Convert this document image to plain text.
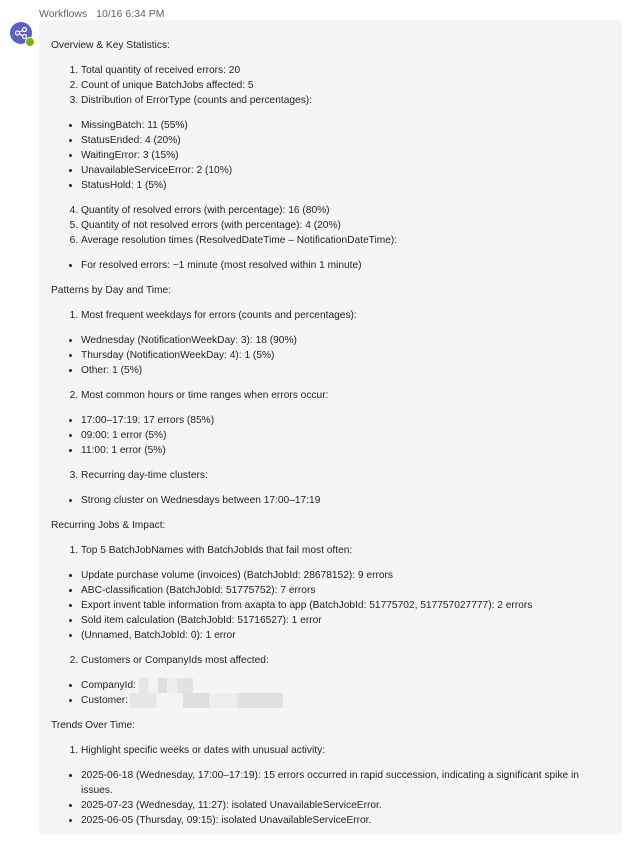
Workflows 10/16 6:34 PM
Overview & Key Statistics:
1. Total quantity of received errors: 20
2. Count of unique BatchJobs affected: 5
3. Distribution of ErrorType (counts and percentages):
• MissingBatch: 11 (55%)
• StatusEnded: 4 (20%)
• WaitingError: 3 (15%)
• UnavailableServiceError: 2 (10%)
• StatusHold: 1 (5%)
4. Quantity of resolved errors (with percentage): 16 (80%)
5. Quantity of not resolved errors (with percentage): 4 (20%)
6. Average resolution times (ResolvedDateTime – NotificationDateTime):
• For resolved errors: ~1 minute (most resolved within 1 minute)
Patterns by Day and Time:
1. Most frequent weekdays for errors (counts and percentages):
• Wednesday (NotificationWeekDay: 3): 18 (90%)
• Thursday (NotificationWeekDay: 4): 1 (5%)
• Other: 1 (5%)
2. Most common hours or time ranges when errors occur:
• 17:00–17:19: 17 errors (85%)
• 09:00: 1 error (5%)
• 11:00: 1 error (5%)
3. Recurring day-time clusters:
• Strong cluster on Wednesdays between 17:00–17:19
Recurring Jobs & Impact:
1. Top 5 BatchJobNames with BatchJobIds that fail most often:
• Update purchase volume (invoices) (BatchJobId: 28678152): 9 errors
• ABC-classification (BatchJobId: 51775752): 7 errors
• Export invent table information from axapta to app (BatchJobId: 51775702, 517757027777): 2 errors
• Sold item calculation (BatchJobId: 51716527): 1 error
• (Unnamed, BatchJobId: 0): 1 error
2. Customers or CompanyIds most affected:
• CompanyId:
• Customer:
Trends Over Time:
1. Highlight specific weeks or dates with unusual activity:
• 2025-06-18 (Wednesday, 17:00–17:19): 15 errors occurred in rapid succession, indicating a significant spike in issues.
• 2025-07-23 (Wednesday, 11:27): isolated UnavailableServiceError.
• 2025-06-05 (Thursday, 09:15): isolated UnavailableServiceError.
